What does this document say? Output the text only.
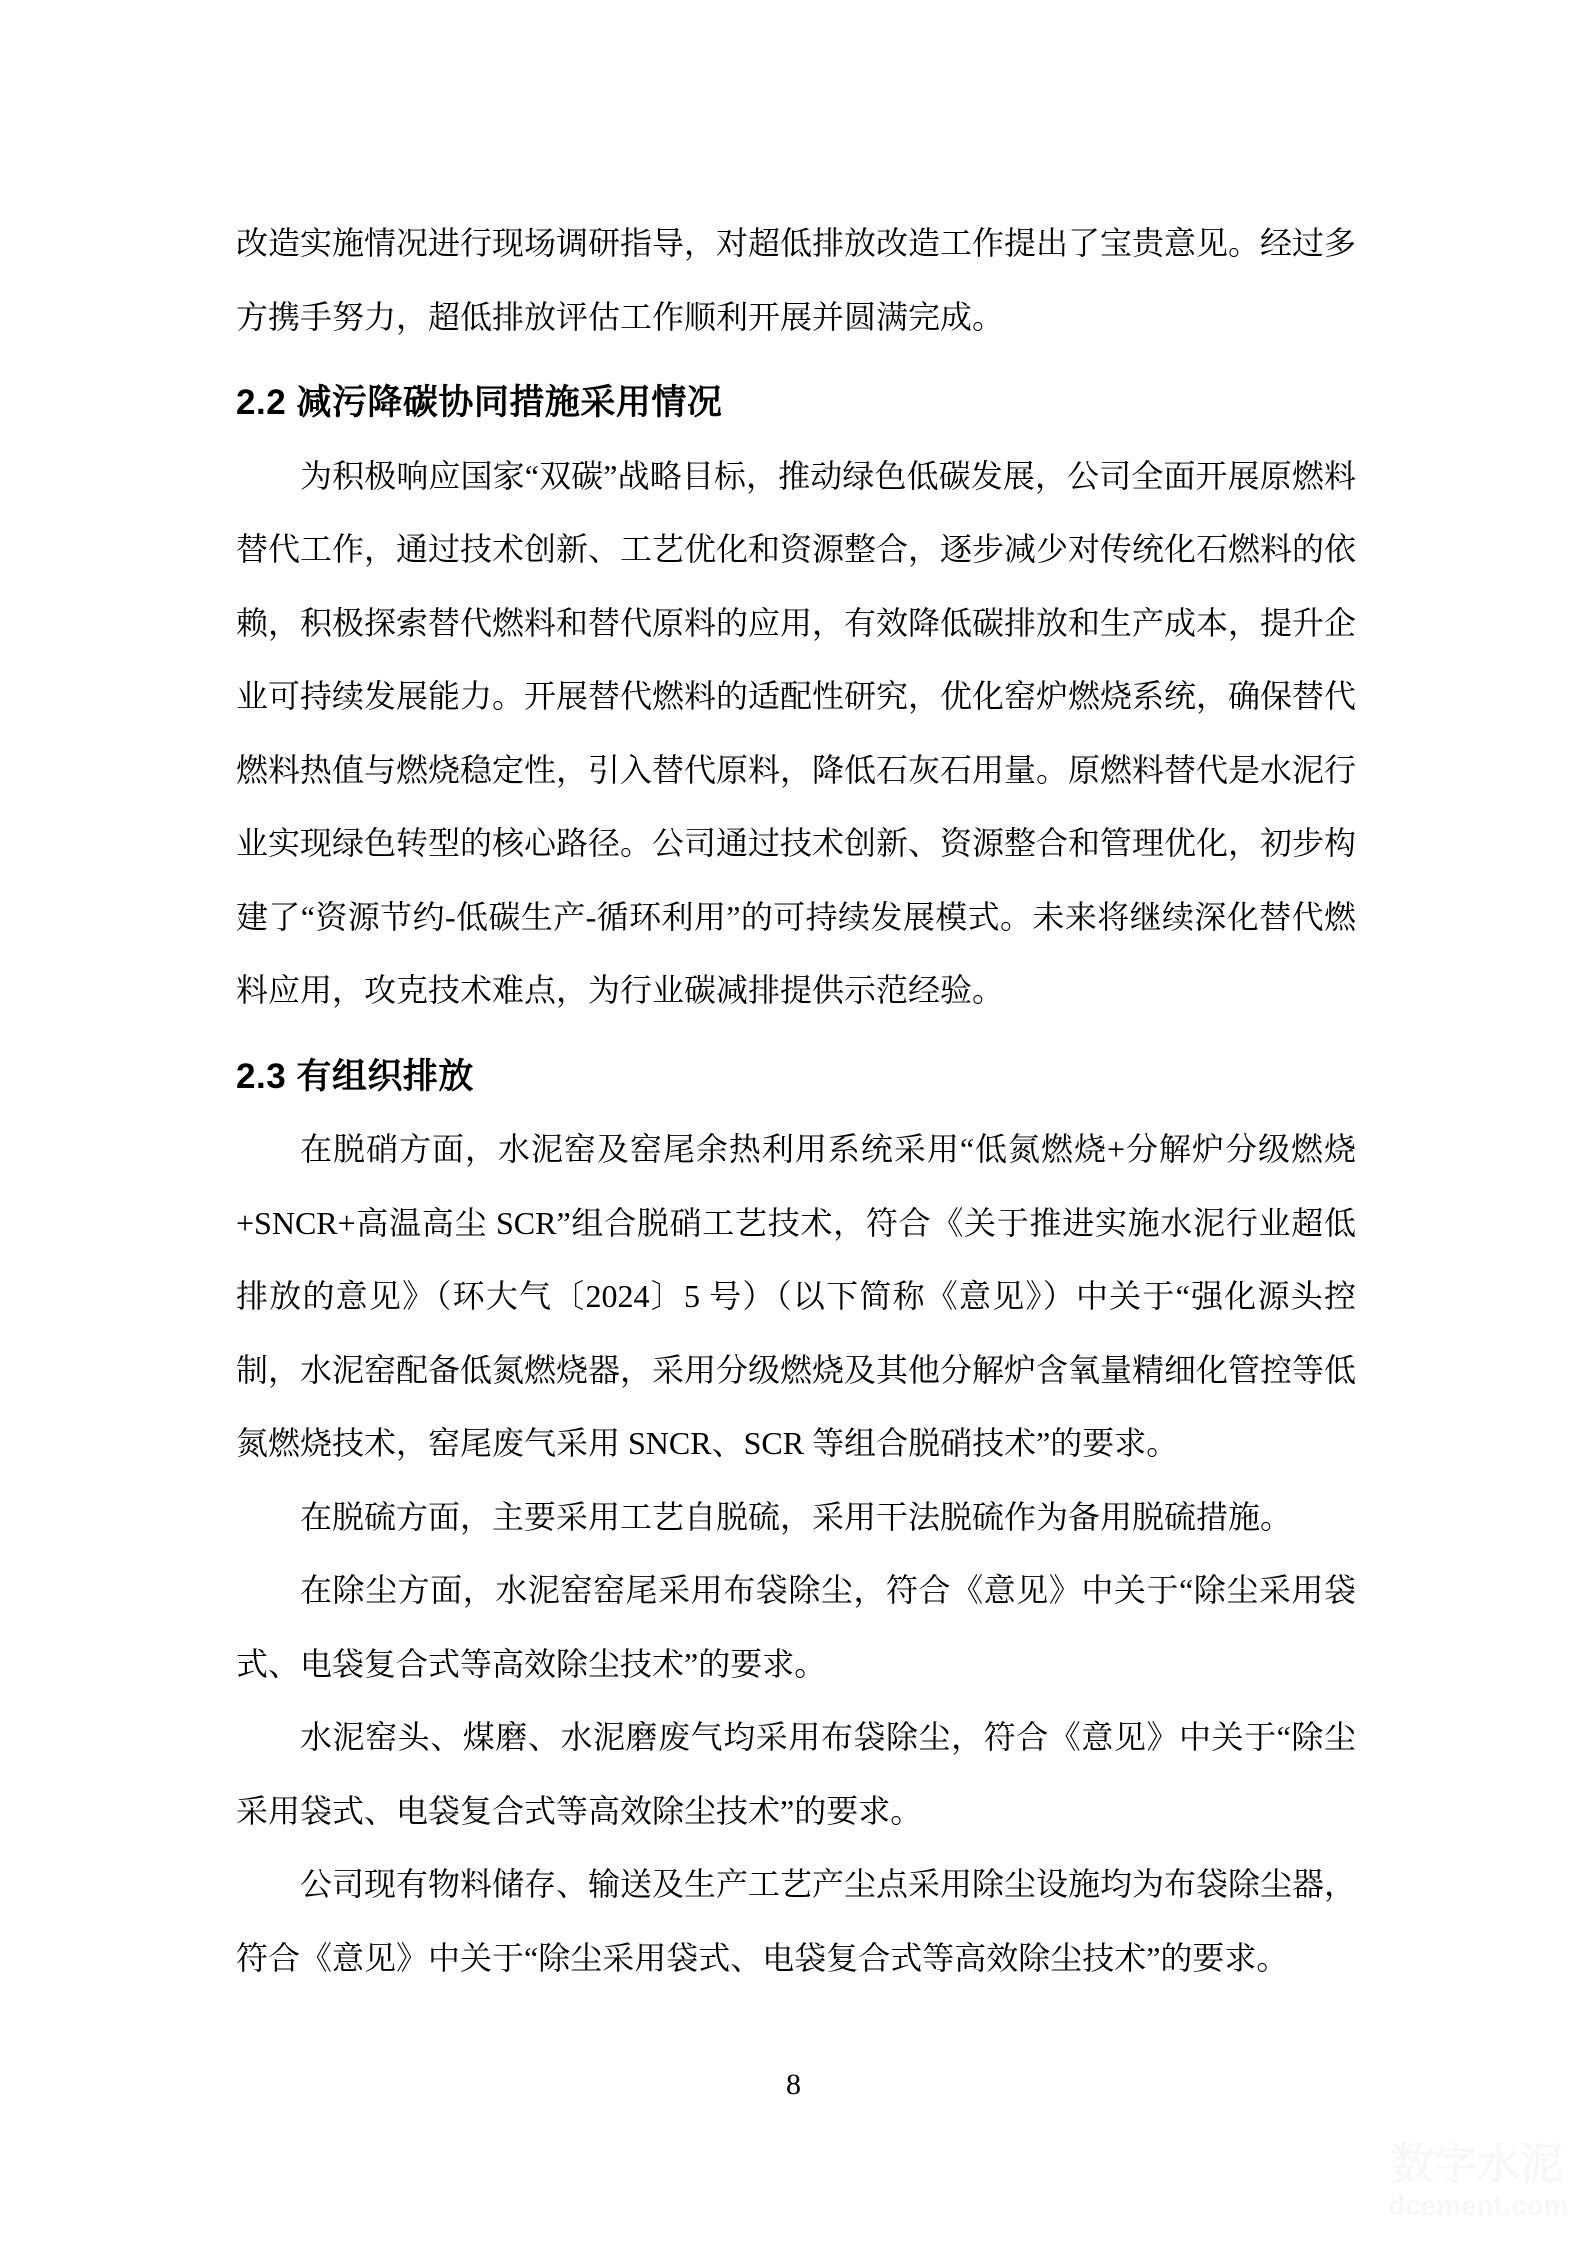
改造实施情况进行现场调研指导，对超低排放改造工作提出了宝贵意见。经过多方携手努力，超低排放评估工作顺利开展并圆满完成。

2.2 减污降碳协同措施采用情况

为积极响应国家“双碳”战略目标，推动绿色低碳发展，公司全面开展原燃料替代工作，通过技术创新、工艺优化和资源整合，逐步减少对传统化石燃料的依赖，积极探索替代燃料和替代原料的应用，有效降低碳排放和生产成本，提升企业可持续发展能力。开展替代燃料的适配性研究，优化窑炉燃烧系统，确保替代燃料热值与燃烧稳定性，引入替代原料，降低石灰石用量。原燃料替代是水泥行业实现绿色转型的核心路径。公司通过技术创新、资源整合和管理优化，初步构建了“资源节约-低碳生产-循环利用”的可持续发展模式。未来将继续深化替代燃料应用，攻克技术难点，为行业碳减排提供示范经验。

2.3 有组织排放

在脱硝方面，水泥窑及窑尾余热利用系统采用“低氮燃烧+分解炉分级燃烧+SNCR+高温高尘 SCR”组合脱硝工艺技术，符合《关于推进实施水泥行业超低排放的意见》（环大气〔2024〕5 号）（以下简称《意见》）中关于“强化源头控制，水泥窑配备低氮燃烧器，采用分级燃烧及其他分解炉含氧量精细化管控等低氮燃烧技术，窑尾废气采用 SNCR、SCR 等组合脱硝技术”的要求。

在脱硫方面，主要采用工艺自脱硫，采用干法脱硫作为备用脱硫措施。

在除尘方面，水泥窑窑尾采用布袋除尘，符合《意见》中关于“除尘采用袋式、电袋复合式等高效除尘技术”的要求。

水泥窑头、煤磨、水泥磨废气均采用布袋除尘，符合《意见》中关于“除尘采用袋式、电袋复合式等高效除尘技术”的要求。

公司现有物料储存、输送及生产工艺产尘点采用除尘设施均为布袋除尘器，符合《意见》中关于“除尘采用袋式、电袋复合式等高效除尘技术”的要求。

8
数字水泥
dcement.com
